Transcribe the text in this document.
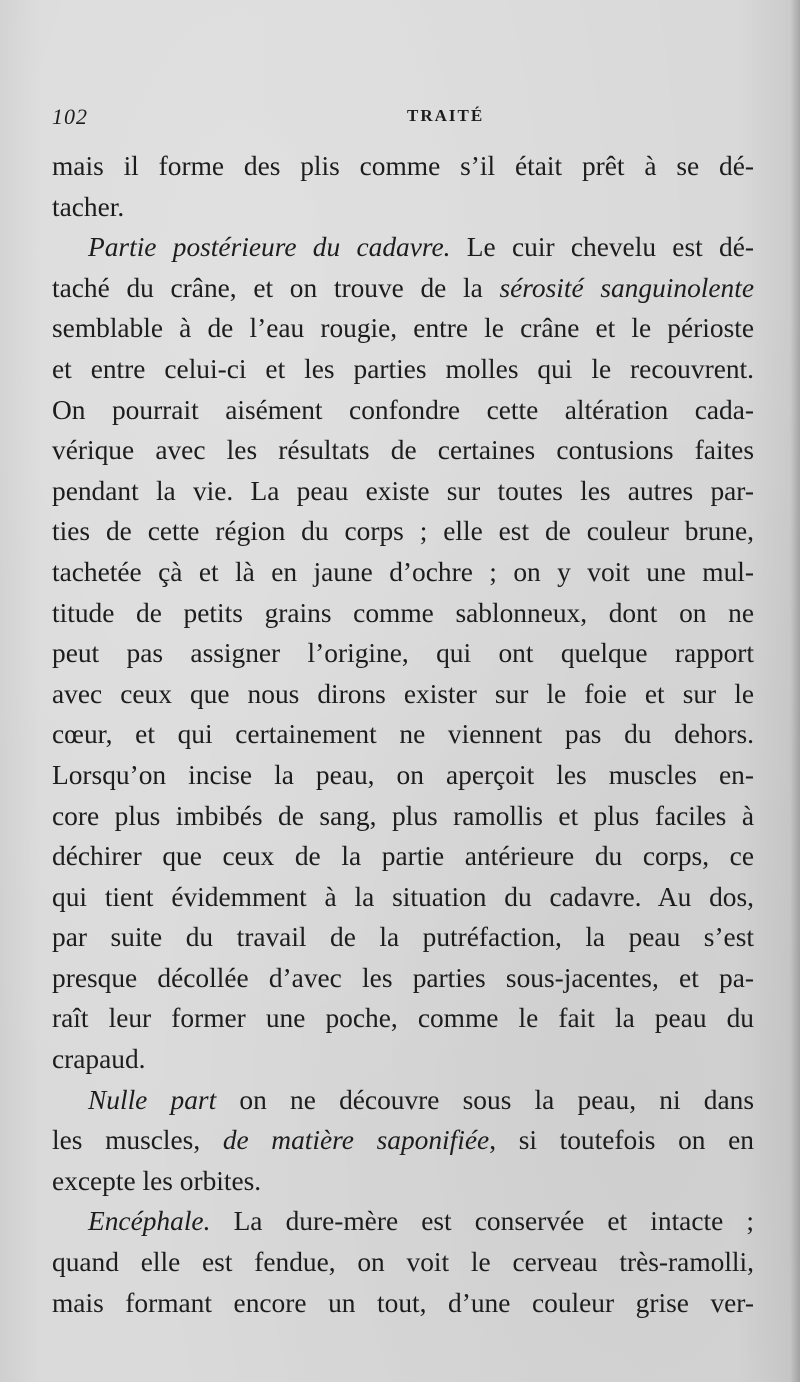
102	TRAITÉ
mais il forme des plis comme s’il était prêt à se dé-
tacher.
Partie postérieure du cadavre. Le cuir chevelu est dé-
taché du crâne, et on trouve de la sérosité sanguinolente
semblable à de l’eau rougie, entre le crâne et le périoste
et entre celui-ci et les parties molles qui le recouvrent.
On pourrait aisément confondre cette altération cada-
vérique avec les résultats de certaines contusions faites
pendant la vie. La peau existe sur toutes les autres par-
ties de cette région du corps ; elle est de couleur brune,
tachetée çà et là en jaune d’ochre ; on y voit une mul-
titude de petits grains comme sablonneux, dont on ne
peut pas assigner l’origine, qui ont quelque rapport
avec ceux que nous dirons exister sur le foie et sur le
cœur, et qui certainement ne viennent pas du dehors.
Lorsqu’on incise la peau, on aperçoit les muscles en-
core plus imbibés de sang, plus ramollis et plus faciles à
déchirer que ceux de la partie antérieure du corps, ce
qui tient évidemment à la situation du cadavre. Au dos,
par suite du travail de la putréfaction, la peau s’est
presque décollée d’avec les parties sous-jacentes, et pa-
raît leur former une poche, comme le fait la peau du
crapaud.
Nulle part on ne découvre sous la peau, ni dans
les muscles, de matière saponifiée, si toutefois on en
excepte les orbites.
Encéphale. La dure-mère est conservée et intacte ;
quand elle est fendue, on voit le cerveau très-ramolli,
mais formant encore un tout, d’une couleur grise ver-
